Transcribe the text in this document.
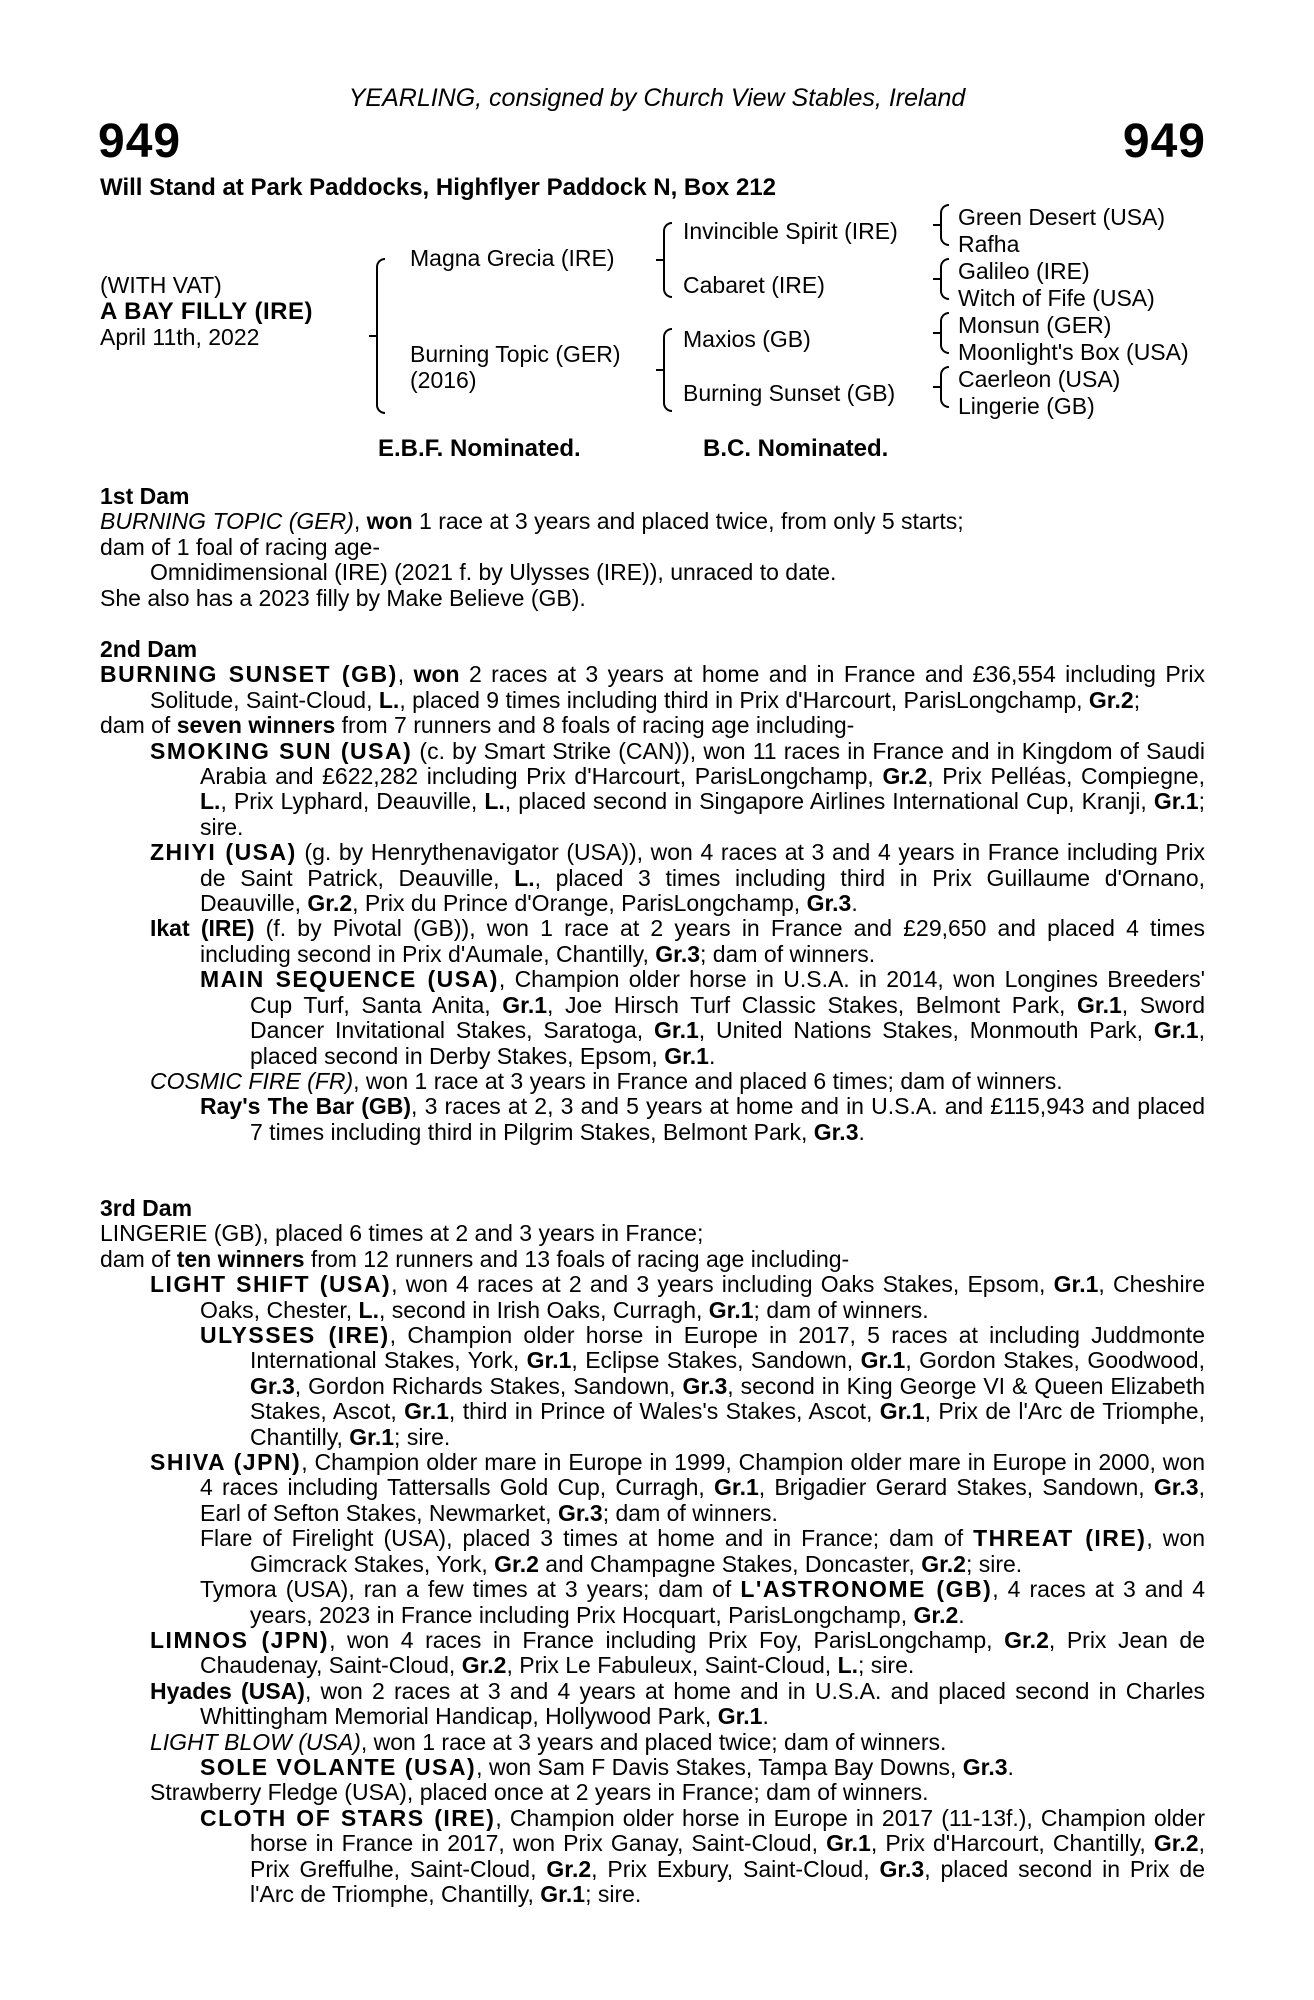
YEARLING, consigned by Church View Stables, Ireland
949	949
Will Stand at Park Paddocks, Highflyer Paddock N, Box 212
(WITH VAT)
A BAY FILLY (IRE)
April 11th, 2022
Magna Grecia (IRE)
Burning Topic (GER)
(2016)
Invincible Spirit (IRE)
Cabaret (IRE)
Maxios (GB)
Burning Sunset (GB)
Green Desert (USA)
Rafha
Galileo (IRE)
Witch of Fife (USA)
Monsun (GER)
Moonlight's Box (USA)
Caerleon (USA)
Lingerie (GB)
E.B.F. Nominated.	B.C. Nominated.

1st Dam

BURNING TOPIC (GER), won 1 race at 3 years and placed twice, from only 5 starts;

dam of 1 foal of racing age-

Omnidimensional (IRE) (2021 f. by Ulysses (IRE)), unraced to date.

She also has a 2023 filly by Make Believe (GB).

2nd Dam

BURNING SUNSET (GB), won 2 races at 3 years at home and in France and £36,554 including Prix Solitude, Saint-Cloud, L., placed 9 times including third in Prix d'Harcourt, ParisLongchamp, Gr.2;

dam of seven winners from 7 runners and 8 foals of racing age including-

SMOKING SUN (USA) (c. by Smart Strike (CAN)), won 11 races in France and in Kingdom of Saudi Arabia and £622,282 including Prix d'Harcourt, ParisLongchamp, Gr.2, Prix Pelléas, Compiegne, L., Prix Lyphard, Deauville, L., placed second in Singapore Airlines International Cup, Kranji, Gr.1; sire.

ZHIYI (USA) (g. by Henrythenavigator (USA)), won 4 races at 3 and 4 years in France including Prix de Saint Patrick, Deauville, L., placed 3 times including third in Prix Guillaume d'Ornano, Deauville, Gr.2, Prix du Prince d'Orange, ParisLongchamp, Gr.3.

Ikat (IRE) (f. by Pivotal (GB)), won 1 race at 2 years in France and £29,650 and placed 4 times including second in Prix d'Aumale, Chantilly, Gr.3; dam of winners.

MAIN SEQUENCE (USA), Champion older horse in U.S.A. in 2014, won Longines Breeders' Cup Turf, Santa Anita, Gr.1, Joe Hirsch Turf Classic Stakes, Belmont Park, Gr.1, Sword Dancer Invitational Stakes, Saratoga, Gr.1, United Nations Stakes, Monmouth Park, Gr.1, placed second in Derby Stakes, Epsom, Gr.1.

COSMIC FIRE (FR), won 1 race at 3 years in France and placed 6 times; dam of winners.

Ray's The Bar (GB), 3 races at 2, 3 and 5 years at home and in U.S.A. and £115,943 and placed 7 times including third in Pilgrim Stakes, Belmont Park, Gr.3.

3rd Dam

LINGERIE (GB), placed 6 times at 2 and 3 years in France;

dam of ten winners from 12 runners and 13 foals of racing age including-

LIGHT SHIFT (USA), won 4 races at 2 and 3 years including Oaks Stakes, Epsom, Gr.1, Cheshire Oaks, Chester, L., second in Irish Oaks, Curragh, Gr.1; dam of winners.

ULYSSES (IRE), Champion older horse in Europe in 2017, 5 races at including Juddmonte International Stakes, York, Gr.1, Eclipse Stakes, Sandown, Gr.1, Gordon Stakes, Goodwood, Gr.3, Gordon Richards Stakes, Sandown, Gr.3, second in King George VI & Queen Elizabeth Stakes, Ascot, Gr.1, third in Prince of Wales's Stakes, Ascot, Gr.1, Prix de l'Arc de Triomphe, Chantilly, Gr.1; sire.

SHIVA (JPN), Champion older mare in Europe in 1999, Champion older mare in Europe in 2000, won 4 races including Tattersalls Gold Cup, Curragh, Gr.1, Brigadier Gerard Stakes, Sandown, Gr.3, Earl of Sefton Stakes, Newmarket, Gr.3; dam of winners.

Flare of Firelight (USA), placed 3 times at home and in France; dam of THREAT (IRE), won Gimcrack Stakes, York, Gr.2 and Champagne Stakes, Doncaster, Gr.2; sire.

Tymora (USA), ran a few times at 3 years; dam of L'ASTRONOME (GB), 4 races at 3 and 4 years, 2023 in France including Prix Hocquart, ParisLongchamp, Gr.2.

LIMNOS (JPN), won 4 races in France including Prix Foy, ParisLongchamp, Gr.2, Prix Jean de Chaudenay, Saint-Cloud, Gr.2, Prix Le Fabuleux, Saint-Cloud, L.; sire.

Hyades (USA), won 2 races at 3 and 4 years at home and in U.S.A. and placed second in Charles Whittingham Memorial Handicap, Hollywood Park, Gr.1.

LIGHT BLOW (USA), won 1 race at 3 years and placed twice; dam of winners.

SOLE VOLANTE (USA), won Sam F Davis Stakes, Tampa Bay Downs, Gr.3.

Strawberry Fledge (USA), placed once at 2 years in France; dam of winners.

CLOTH OF STARS (IRE), Champion older horse in Europe in 2017 (11-13f.), Champion older horse in France in 2017, won Prix Ganay, Saint-Cloud, Gr.1, Prix d'Harcourt, Chantilly, Gr.2, Prix Greffulhe, Saint-Cloud, Gr.2, Prix Exbury, Saint-Cloud, Gr.3, placed second in Prix de l'Arc de Triomphe, Chantilly, Gr.1; sire.
